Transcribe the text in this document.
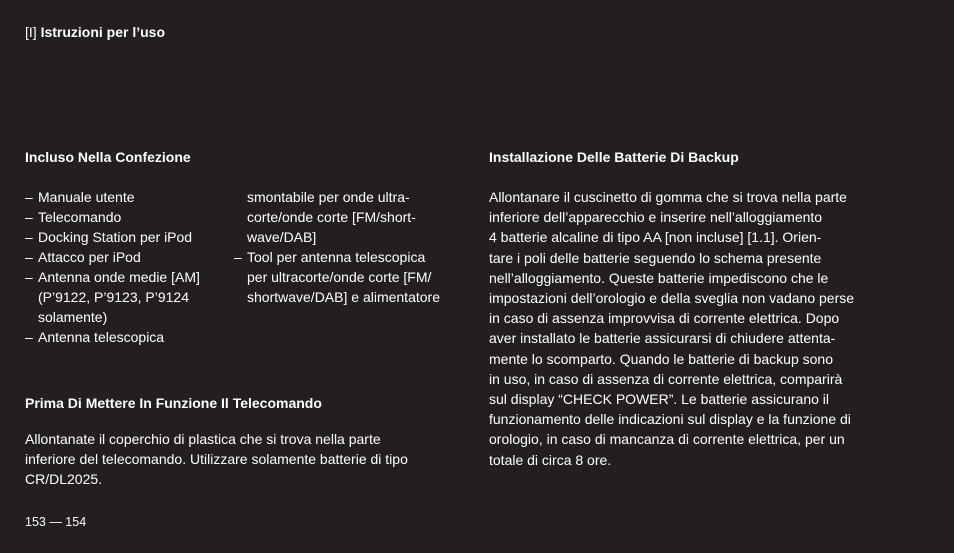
[I] Istruzioni per l’uso
Incluso Nella Confezione
– Manuale utente
– Telecomando
– Docking Station per iPod
– Attacco per iPod
– Antenna onde medie [AM]
(P’9122, P’9123, P’9124
solamente)
– Antenna telescopica
smontabile per onde ultra-
corte/onde corte [FM/short-
wave/DAB]
– Tool per antenna telescopica
per ultracorte/onde corte [FM/
shortwave/DAB] e alimentatore
Prima Di Mettere In Funzione Il Telecomando
Allontanate il coperchio di plastica che si trova nella parte
inferiore del telecomando. Utilizzare solamente batterie di tipo
CR/DL2025.
Installazione Delle Batterie Di Backup
Allontanare il cuscinetto di gomma che si trova nella parte
inferiore dell’apparecchio e inserire nell’alloggiamento
4 batterie alcaline di tipo AA [non incluse] [1.1]. Orien-
tare i poli delle batterie seguendo lo schema presente
nell’alloggiamento. Queste batterie impediscono che le
impostazioni dell’orologio e della sveglia non vadano perse
in caso di assenza improvvisa di corrente elettrica. Dopo
aver installato le batterie assicurarsi di chiudere attenta-
mente lo scomparto. Quando le batterie di backup sono
in uso, in caso di assenza di corrente elettrica, comparirà
sul display “CHECK POWER”. Le batterie assicurano il
funzionamento delle indicazioni sul display e la funzione di
orologio, in caso di mancanza di corrente elettrica, per un
totale di circa 8 ore.
153 — 154
